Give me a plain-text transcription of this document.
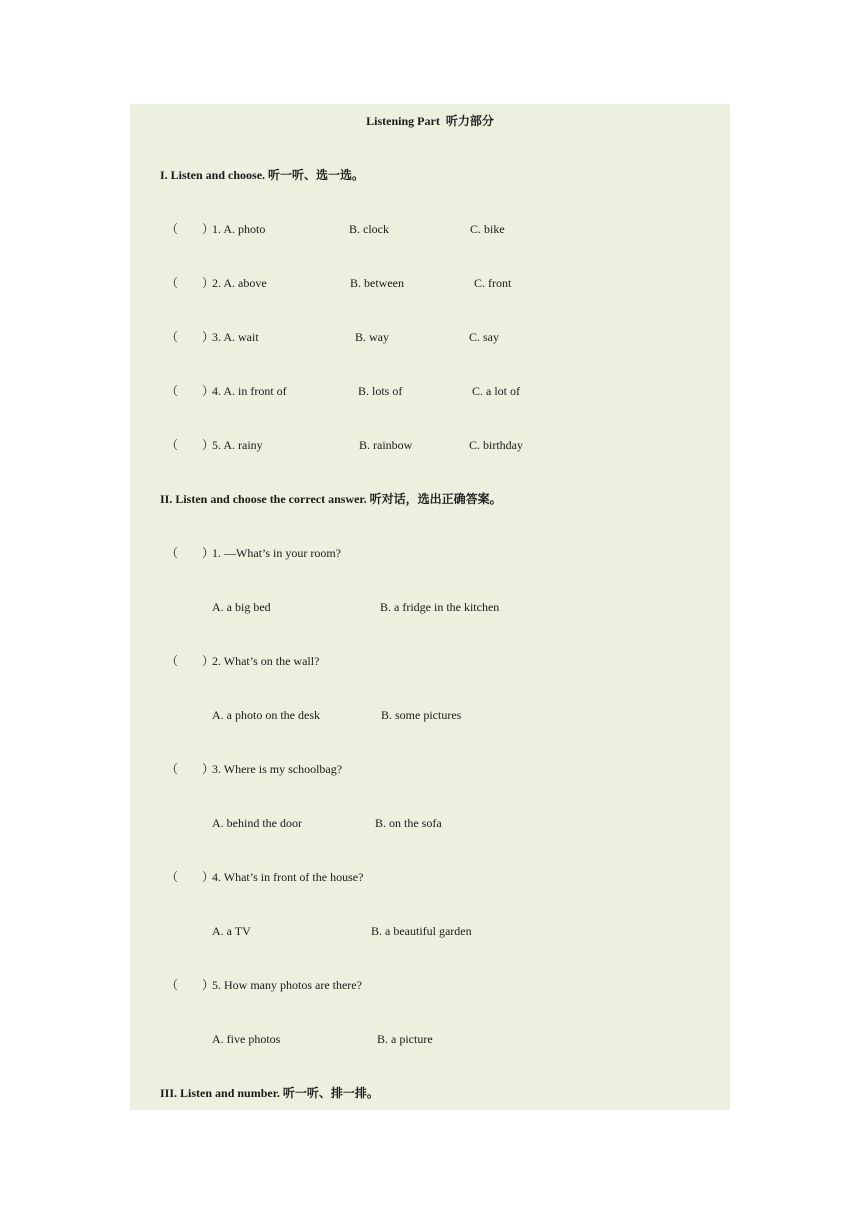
Listening Part  听力部分
I. Listen and choose. 听一听、选一选。
（　　）
1. A. photo	B. clock	C. bike
（　　）
2. A. above	B. between	C. front
（　　）
3. A. wait	B. way	C. say
（　　）
4. A. in front of	B. lots of	C. a lot of
（　　）
5. A. rainy	B. rainbow	C. birthday
II. Listen and choose the correct answer. 听对话，选出正确答案。
（　　）
1. —What’s in your room?
A. a big bed	B. a fridge in the kitchen
（　　）
2. What’s on the wall?
A. a photo on the desk	B. some pictures
（　　）
3. Where is my schoolbag?
A. behind the door	B. on the sofa
（　　）
4. What’s in front of the house?
A. a TV	B. a beautiful garden
（　　）
5. How many photos are there?
A. five photos	B. a picture
III. Listen and number. 听一听、排一排。
